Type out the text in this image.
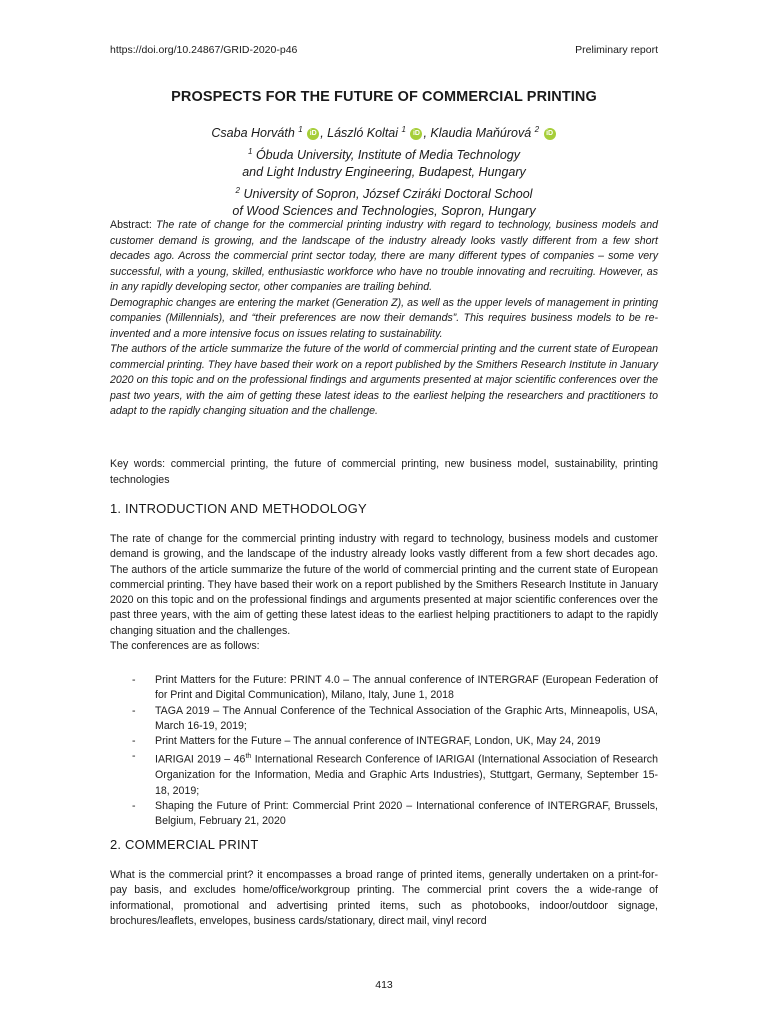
https://doi.org/10.24867/GRID-2020-p46	Preliminary report
PROSPECTS FOR THE FUTURE OF COMMERCIAL PRINTING
Csaba Horváth $^1$ iD , László Koltai $^1$ iD , Klaudia Maňúrová $^2$ iD
$^1$ Óbuda University, Institute of Media Technology
and Light Industry Engineering, Budapest, Hungary
$^2$ University of Sopron, József Cziráki Doctoral School
of Wood Sciences and Technologies, Sopron, Hungary

Abstract: The rate of change for the commercial printing industry with regard to technology, business models and customer demand is growing, and the landscape of the industry already looks vastly different from a few short decades ago. Across the commercial print sector today, there are many different types of companies – some very successful, with a young, skilled, enthusiastic workforce who have no trouble innovating and recruiting. However, as in any rapidly developing sector, other companies are trailing behind.

Demographic changes are entering the market (Generation Z), as well as the upper levels of management in printing companies (Millennials), and “their preferences are now their demands”. This requires business models to be re-invented and a more intensive focus on issues relating to sustainability.

The authors of the article summarize the future of the world of commercial printing and the current state of European commercial printing. They have based their work on a report published by the Smithers Research Institute in January 2020 on this topic and on the professional findings and arguments presented at major scientific conferences over the past two years, with the aim of getting these latest ideas to the earliest helping the researchers and practitioners to adapt to the rapidly changing situation and the challenge.

Key words: commercial printing, the future of commercial printing, new business model, sustainability, printing technologies
1. INTRODUCTION AND METHODOLOGY

The rate of change for the commercial printing industry with regard to technology, business models and customer demand is growing, and the landscape of the industry already looks vastly different from a few short decades ago. The authors of the article summarize the future of the world of commercial printing and the current state of European commercial printing. They have based their work on a report published by the Smithers Research Institute in January 2020 on this topic and on the professional findings and arguments presented at major scientific conferences over the past three years, with the aim of getting these latest ideas to the earliest helping practitioners to adapt to the rapidly changing situation and the challenges.

The conferences are as follows:

- Print Matters for the Future: PRINT 4.0 – The annual conference of INTERGRAF (European Federation of for Print and Digital Communication), Milano, Italy, June 1, 2018
- TAGA 2019 – The Annual Conference of the Technical Association of the Graphic Arts, Minneapolis, USA, March 16-19, 2019;
- Print Matters for the Future – The annual conference of INTEGRAF, London, UK, May 24, 2019
- IARIGAI 2019 – 46th International Research Conference of IARIGAI (International Association of Research Organization for the Information, Media and Graphic Arts Industries), Stuttgart, Germany, September 15-18, 2019;
- Shaping the Future of Print: Commercial Print 2020 – International conference of INTERGRAF, Brussels, Belgium, February 21, 2020
2. COMMERCIAL PRINT

What is the commercial print? it encompasses a broad range of printed items, generally undertaken on a print-for-pay basis, and excludes home/office/workgroup printing. The commercial print covers the a wide-range of informational, promotional and advertising printed items, such as photobooks, indoor/outdoor signage, brochures/leaflets, envelopes, business cards/stationary, direct mail, vinyl record

413
